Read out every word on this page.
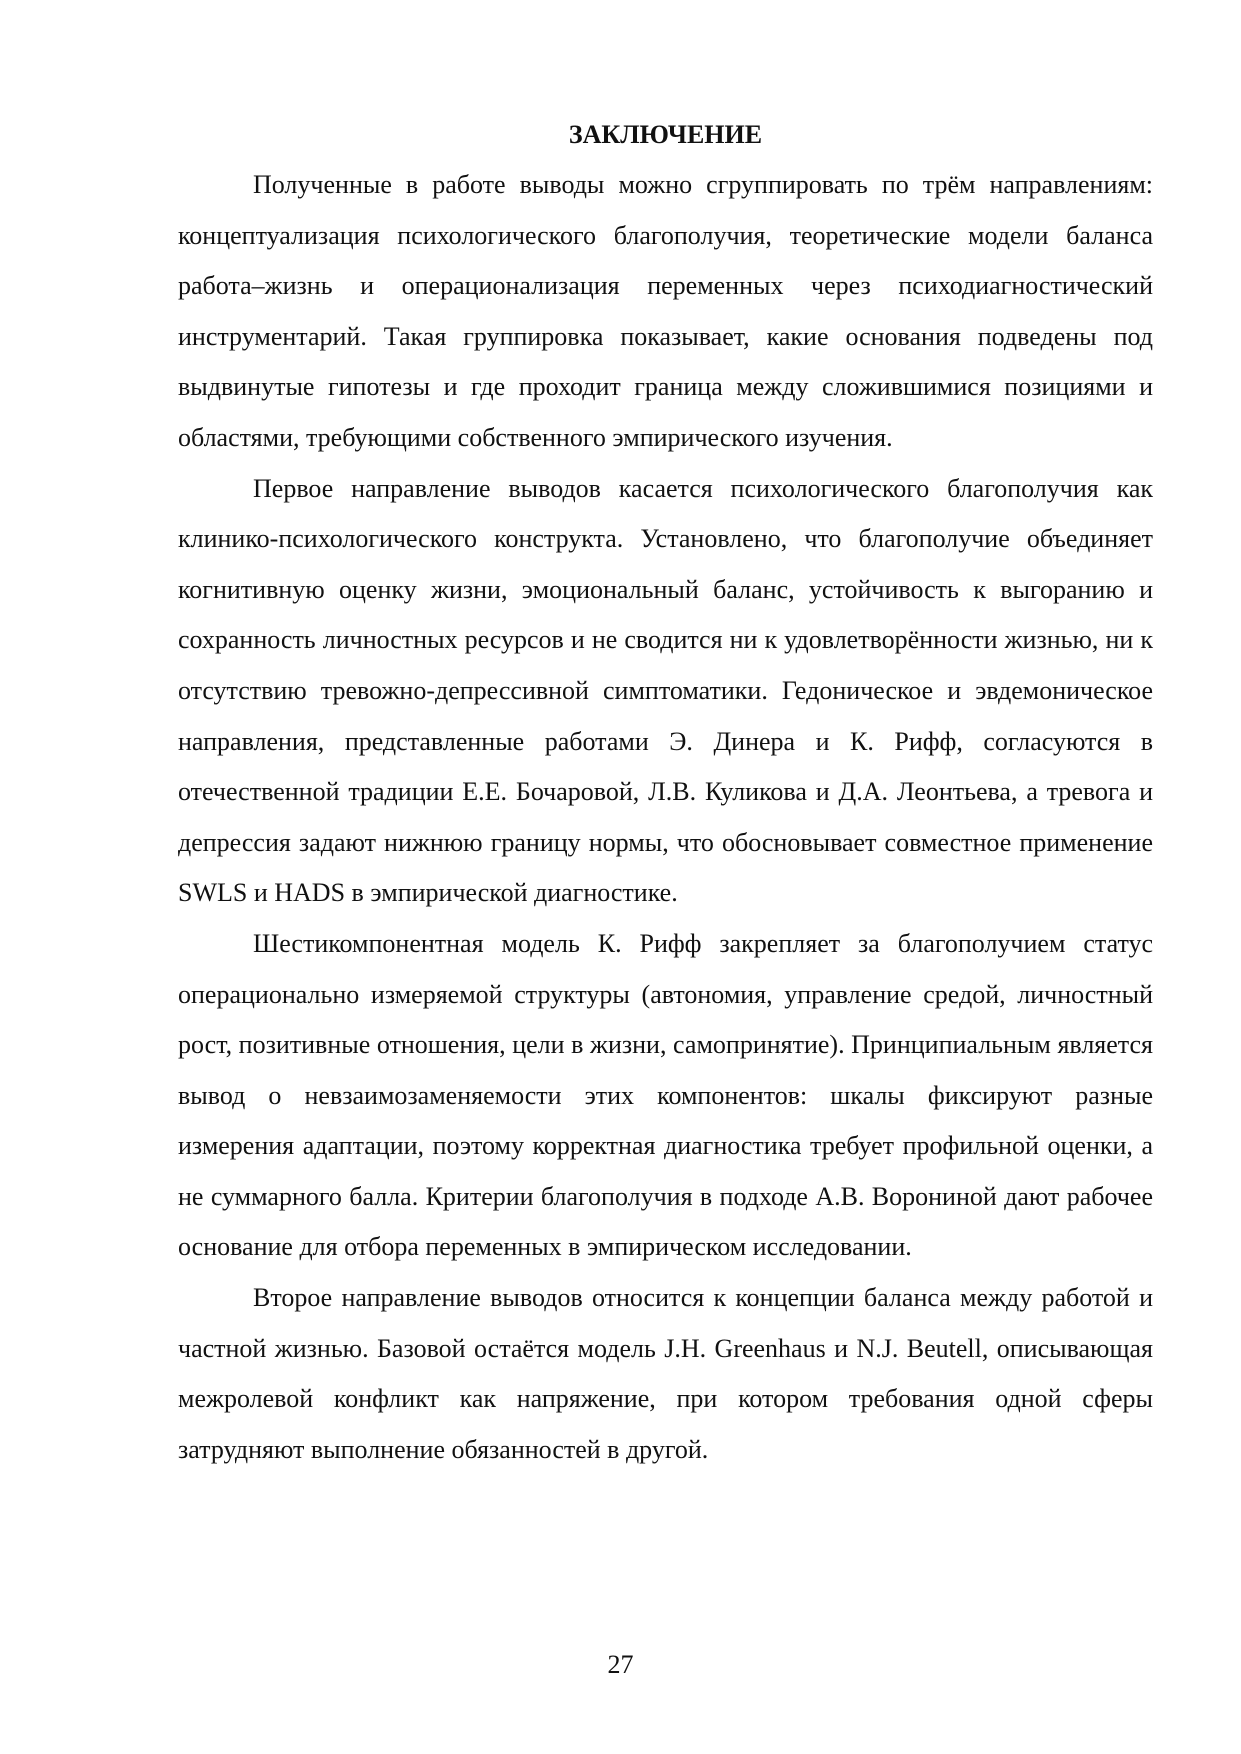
ЗАКЛЮЧЕНИЕ

Полученные в работе выводы можно сгруппировать по трём направлениям: концептуализация психологического благополучия, теоретические модели баланса работа–жизнь и операционализация переменных через психодиагностический инструментарий. Такая группировка показывает, какие основания подведены под выдвинутые гипотезы и где проходит граница между сложившимися позициями и областями, требующими собственного эмпирического изучения.

Первое направление выводов касается психологического благополучия как клинико-психологического конструкта. Установлено, что благополучие объединяет когнитивную оценку жизни, эмоциональный баланс, устойчивость к выгоранию и сохранность личностных ресурсов и не сводится ни к удовлетворённости жизнью, ни к отсутствию тревожно-депрессивной симптоматики. Гедоническое и эвдемоническое направления, представленные работами Э. Динера и К. Рифф, согласуются в отечественной традиции Е.Е. Бочаровой, Л.В. Куликова и Д.А. Леонтьева, а тревога и депрессия задают нижнюю границу нормы, что обосновывает совместное применение SWLS и HADS в эмпирической диагностике.

Шестикомпонентная модель К. Рифф закрепляет за благополучием статус операционально измеряемой структуры (автономия, управление средой, личностный рост, позитивные отношения, цели в жизни, самопринятие). Принципиальным является вывод о невзаимозаменяемости этих компонентов: шкалы фиксируют разные измерения адаптации, поэтому корректная диагностика требует профильной оценки, а не суммарного балла. Критерии благополучия в подходе А.В. Ворониной дают рабочее основание для отбора переменных в эмпирическом исследовании.

Второе направление выводов относится к концепции баланса между работой и частной жизнью. Базовой остаётся модель J.H. Greenhaus и N.J. Beutell, описывающая межролевой конфликт как напряжение, при котором требования одной сферы затрудняют выполнение обязанностей в другой.

27
